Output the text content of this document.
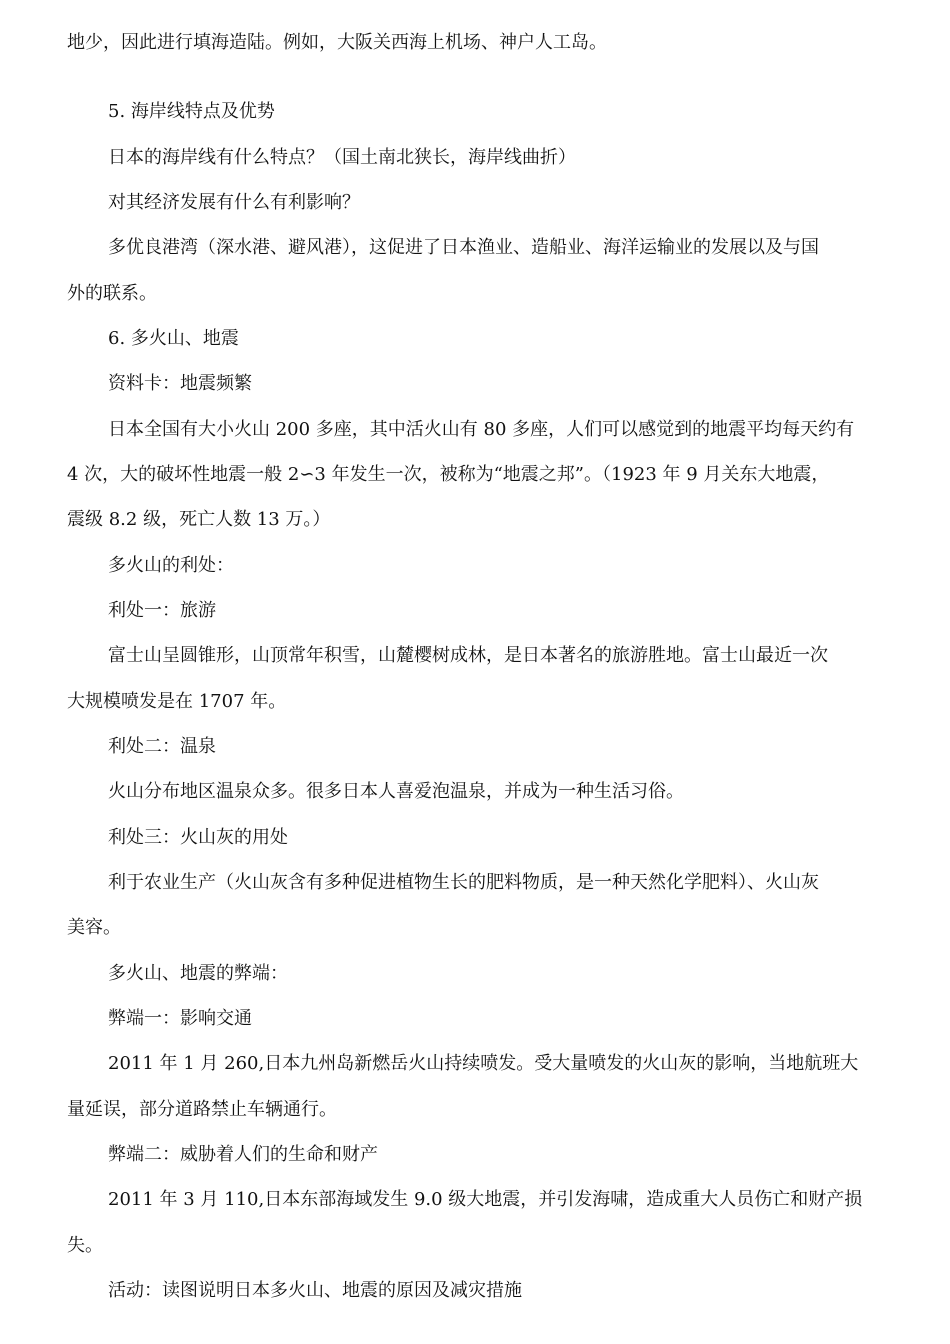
地少，因此进行填海造陆。例如，大阪关西海上机场、神户人工岛。
5. 海岸线特点及优势
日本的海岸线有什么特点？（国土南北狭长，海岸线曲折）
对其经济发展有什么有利影响？
多优良港湾（深水港、避风港），这促进了日本渔业、造船业、海洋运输业的发展以及与国
外的联系。
6. 多火山、地震
资料卡：地震频繁
日本全国有大小火山 200 多座，其中活火山有 80 多座，人们可以感觉到的地震平均每天约有
4 次，大的破坏性地震一般 2∽3 年发生一次，被称为“地震之邦”。（1923 年 9 月关东大地震，
震级 8.2 级，死亡人数 13 万。）
多火山的利处：
利处一：旅游
富士山呈圆锥形，山顶常年积雪，山麓樱树成林，是日本著名的旅游胜地。富士山最近一次
大规模喷发是在 1707 年。
利处二：温泉
火山分布地区温泉众多。很多日本人喜爱泡温泉，并成为一种生活习俗。
利处三：火山灰的用处
利于农业生产（火山灰含有多种促进植物生长的肥料物质，是一种天然化学肥料）、火山灰
美容。
多火山、地震的弊端：
弊端一：影响交通
2011 年 1 月 260,日本九州岛新燃岳火山持续喷发。受大量喷发的火山灰的影响，当地航班大
量延误，部分道路禁止车辆通行。
弊端二：威胁着人们的生命和财产
2011 年 3 月 110,日本东部海域发生 9.0 级大地震，并引发海啸，造成重大人员伤亡和财产损
失。
活动：读图说明日本多火山、地震的原因及减灾措施
